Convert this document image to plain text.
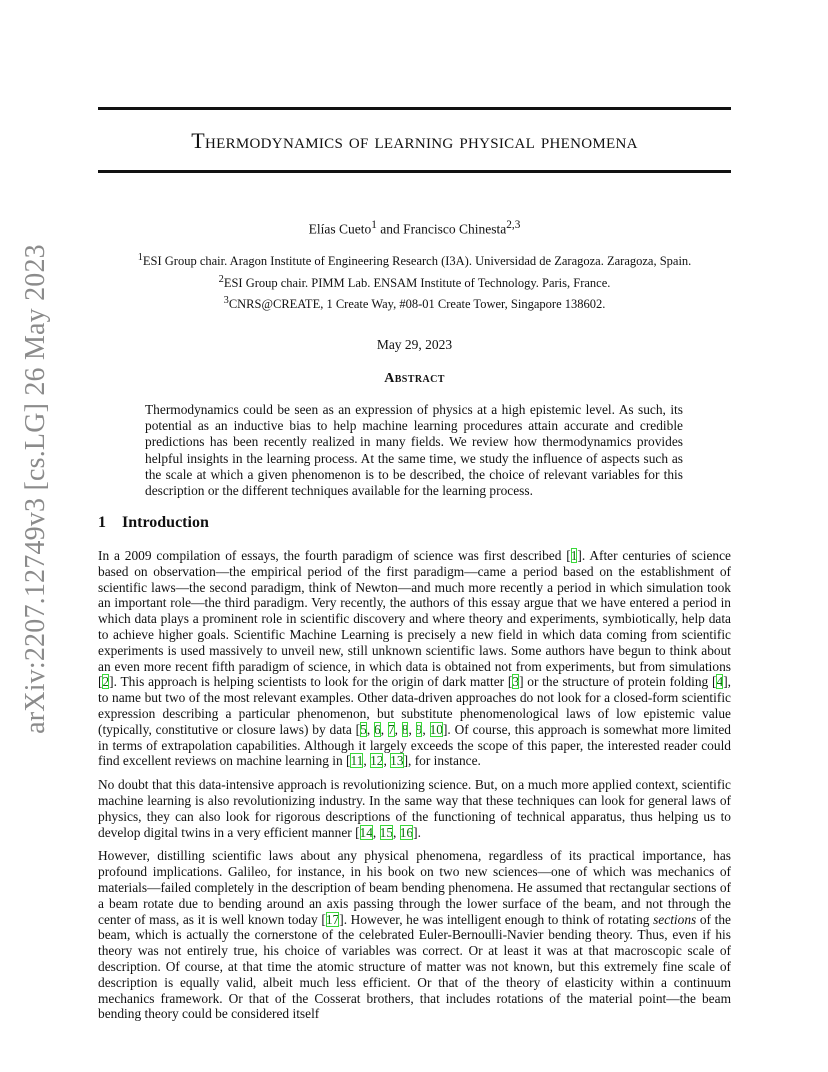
arXiv:2207.12749v3 [cs.LG] 26 May 2023
Thermodynamics of learning physical phenomena
Elías Cueto$^1$ and Francisco Chinesta$^{2,3}$
$^1$ESI Group chair. Aragon Institute of Engineering Research (I3A). Universidad de Zaragoza. Zaragoza, Spain.
$^2$ESI Group chair. PIMM Lab. ENSAM Institute of Technology. Paris, France.
$^3$CNRS@CREATE, 1 Create Way, #08-01 Create Tower, Singapore 138602.
May 29, 2023
Abstract

Thermodynamics could be seen as an expression of physics at a high epistemic level. As such, its potential as an inductive bias to help machine learning procedures attain accurate and credible predictions has been recently realized in many fields. We review how thermodynamics provides helpful insights in the learning process. At the same time, we study the influence of aspects such as the scale at which a given phenomenon is to be described, the choice of relevant variables for this description or the different techniques available for the learning process.

1 Introduction

In a 2009 compilation of essays, the fourth paradigm of science was first described [1]. After centuries of science based on observation—the empirical period of the first paradigm—came a period based on the establishment of scientific laws—the second paradigm, think of Newton—and much more recently a period in which simulation took an important role—the third paradigm. Very recently, the authors of this essay argue that we have entered a period in which data plays a prominent role in scientific discovery and where theory and experiments, symbiotically, help data to achieve higher goals. Scientific Machine Learning is precisely a new field in which data coming from scientific experiments is used massively to unveil new, still unknown scientific laws. Some authors have begun to think about an even more recent fifth paradigm of science, in which data is obtained not from experiments, but from simulations [2]. This approach is helping scientists to look for the origin of dark matter [3] or the structure of protein folding [4], to name but two of the most relevant examples. Other data-driven approaches do not look for a closed-form scientific expression describing a particular phenomenon, but substitute phenomenological laws of low epistemic value (typically, constitutive or closure laws) by data [5, 6, 7, 8, 9, 10]. Of course, this approach is somewhat more limited in terms of extrapolation capabilities. Although it largely exceeds the scope of this paper, the interested reader could find excellent reviews on machine learning in [11, 12, 13], for instance.

No doubt that this data-intensive approach is revolutionizing science. But, on a much more applied context, scientific machine learning is also revolutionizing industry. In the same way that these techniques can look for general laws of physics, they can also look for rigorous descriptions of the functioning of technical apparatus, thus helping us to develop digital twins in a very efficient manner [14, 15, 16].

However, distilling scientific laws about any physical phenomena, regardless of its practical importance, has profound implications. Galileo, for instance, in his book on two new sciences—one of which was mechanics of materials—failed completely in the description of beam bending phenomena. He assumed that rectangular sections of a beam rotate due to bending around an axis passing through the lower surface of the beam, and not through the center of mass, as it is well known today [17]. However, he was intelligent enough to think of rotating sections of the beam, which is actually the cornerstone of the celebrated Euler-Bernoulli-Navier bending theory. Thus, even if his theory was not entirely true, his choice of variables was correct. Or at least it was at that macroscopic scale of description. Of course, at that time the atomic structure of matter was not known, but this extremely fine scale of description is equally valid, albeit much less efficient. Or that of the theory of elasticity within a continuum mechanics framework. Or that of the Cosserat brothers, that includes rotations of the material point—the beam bending theory could be considered itself
